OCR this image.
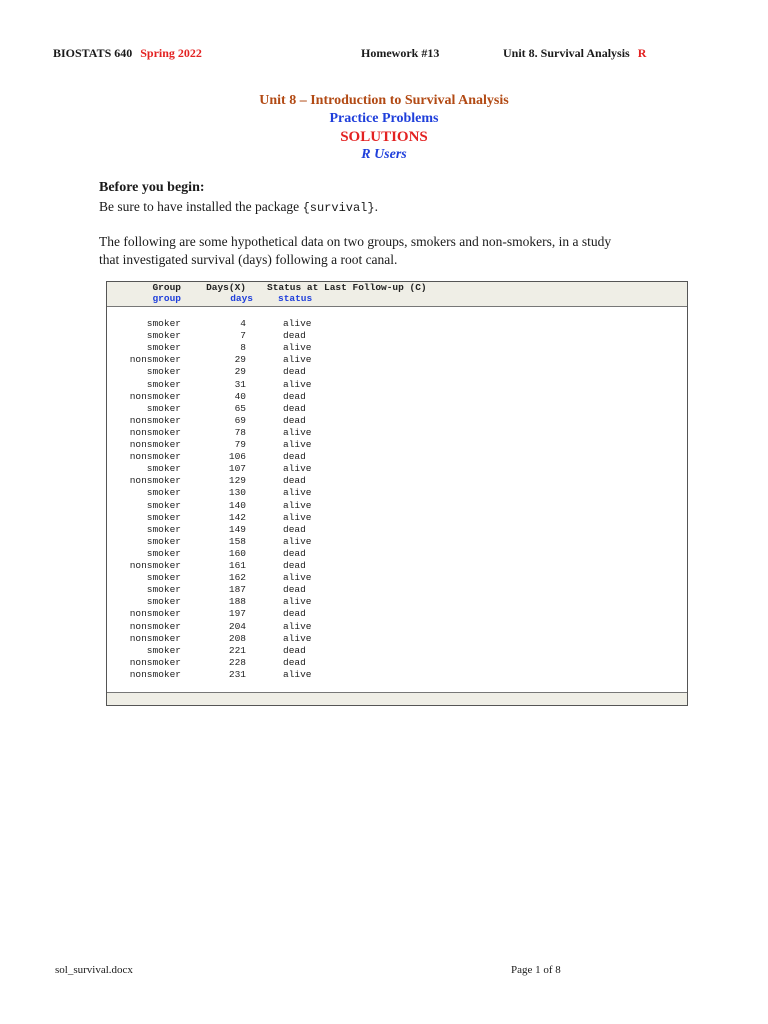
BIOSTATS 640 Spring 2022	Homework #13	Unit 8. Survival Analysis R
Unit 8 – Introduction to Survival Analysis
Practice Problems
SOLUTIONS
R Users
Before you begin:
Be sure to have installed the package {survival}.
The following are some hypothetical data on two groups, smokers and non-smokers, in a study
that investigated survival (days) following a root canal.
Group	Days(X) Status at Last Follow-up (C)
group	days	status
smoker	4	alive
smoker	7	dead
smoker	8	alive
nonsmoker	29	alive
smoker	29	dead
smoker	31	alive
nonsmoker	40	dead
smoker	65	dead
nonsmoker	69	dead
nonsmoker	78	alive
nonsmoker	79	alive
nonsmoker	106	dead
smoker	107	alive
nonsmoker	129	dead
smoker	130	alive
smoker	140	alive
smoker	142	alive
smoker	149	dead
smoker	158	alive
smoker	160	dead
nonsmoker	161	dead
smoker	162	alive
smoker	187	dead
smoker	188	alive
nonsmoker	197	dead
nonsmoker	204	alive
nonsmoker	208	alive
smoker	221	dead
nonsmoker	228	dead
nonsmoker	231	alive
sol_survival.docx	Page 1 of 8
